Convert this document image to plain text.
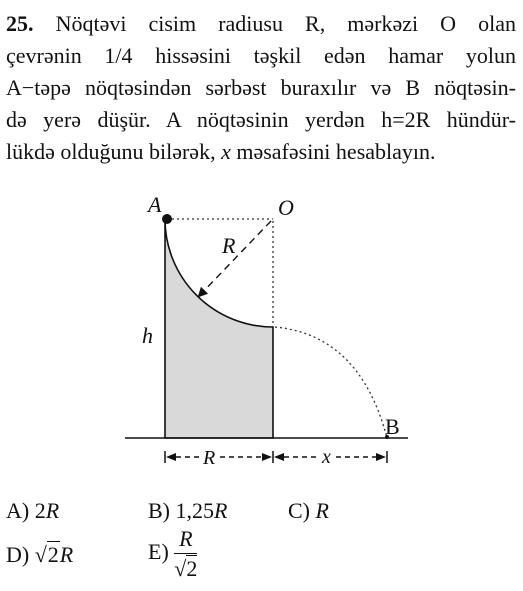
25. Nöqtəvi cisim radiusu R, mərkəzi O olan
çevrənin 1/4 hissəsini təşkil edən hamar yolun
A−təpə nöqtəsindən sərbəst buraxılır və B nöqtəsin-
də yerə düşür. A nöqtəsinin yerdən h=2R hündür-
lükdə olduğunu bilərək, x məsafəsini hesablayın.
A	O
R
h
B
R	x
A) 2R	B) 1,25R	C) R
D) √2R	$E) \frac{R}{√2}$
